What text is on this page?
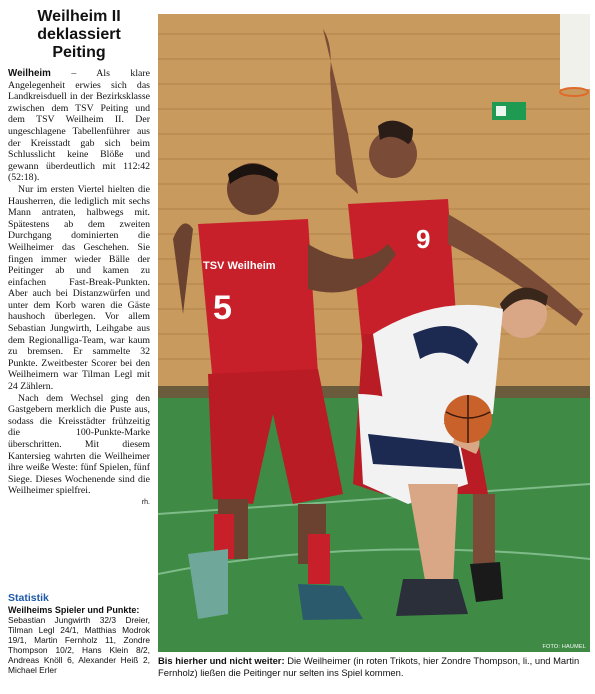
Weilheim II
deklassiert
Peiting

Weilheim – Als klare Angelegenheit erwies sich das Landkreisduell in der Bezirksklasse zwischen dem TSV Peiting und dem TSV Weilheim II. Der ungeschlagene Tabellenführer aus der Kreisstadt gab sich beim Schlusslicht keine Blöße und gewann überdeutlich mit 112:42 (52:18).

Nur im ersten Viertel hielten die Hausherren, die lediglich mit sechs Mann antraten, halbwegs mit. Spätestens ab dem zweiten Durchgang dominierten die Weilheimer das Geschehen. Sie fingen immer wieder Bälle der Peitinger ab und kamen zu einfachen Fast-Break-Punkten. Aber auch bei Distanzwürfen und unter dem Korb waren die Gäste haushoch überlegen. Vor allem Sebastian Jungwirth, Leihgabe aus dem Regionalliga-Team, war kaum zu bremsen. Er sammelte 32 Punkte. Zweitbester Scorer bei den Weilheimern war Tilman Legl mit 24 Zählern.

Nach dem Wechsel ging den Gastgebern merklich die Puste aus, sodass die Kreisstädter frühzeitig die 100-Punkte-Marke überschritten. Mit diesem Kantersieg wahrten die Weilheimer ihre weiße Weste: fünf Spielen, fünf Siege. Dieses Wochenende sind die Weilheimer spielfrei.

rh.
Statistik
Weilheims Spieler und Punkte:
Sebastian Jungwirth 32/3 Dreier, Tilman Legl 24/1, Matthias Modrok 19/1, Martin Fernholz 11, Zondre Thompson 10/2, Hans Klein 8/2, Andreas Knöll 6, Alexander Heiß 2, Michael Erler
TSV Weilheim
5
9
FOTO: HAUMEL
Bis hierher und nicht weiter: Die Weilheimer (in roten Trikots, hier Zondre Thompson, li., und Martin Fernholz) ließen die Peitinger nur selten ins Spiel kommen.
